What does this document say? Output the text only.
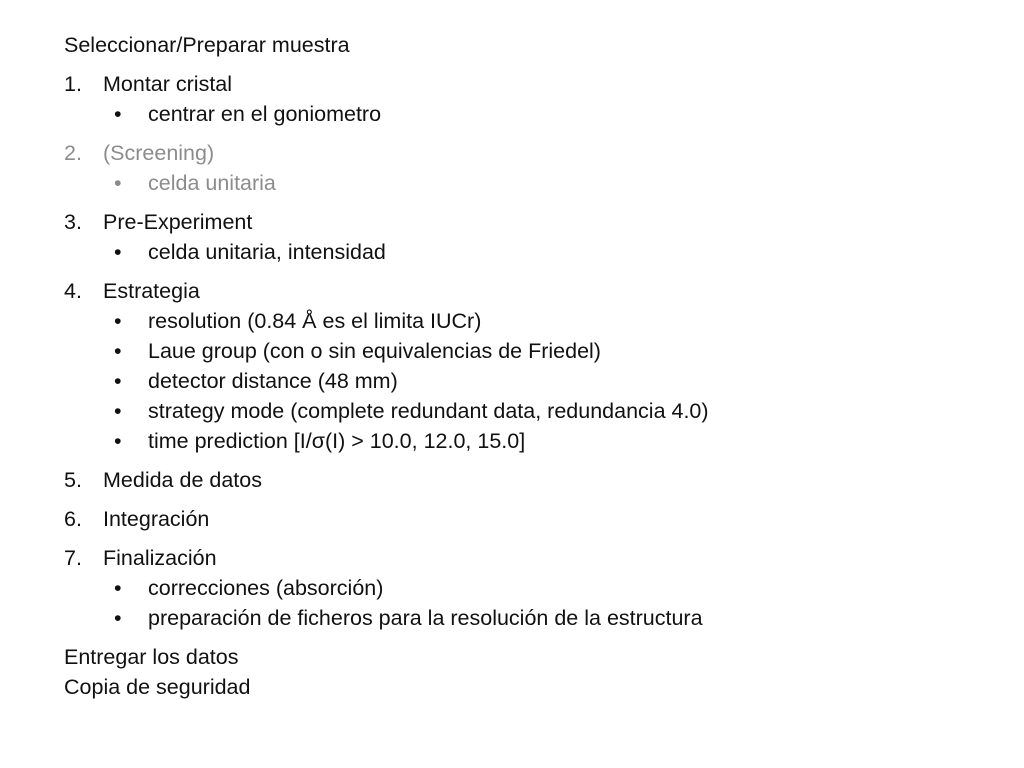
Seleccionar/Preparar muestra
1. Montar cristal
•	centrar en el goniometro
2. (Screening)
•	celda unitaria
3. Pre-Experiment
•	celda unitaria, intensidad
4. Estrategia
•	resolution (0.84 Å es el limita IUCr)
•	Laue group (con o sin equivalencias de Friedel)
•	detector distance (48 mm)
•	strategy mode (complete redundant data, redundancia 4.0)
•	time prediction [I/σ(I) > 10.0, 12.0, 15.0]
5. Medida de datos
6. Integración
7. Finalización
•	correcciones (absorción)
•	preparación de ficheros para la resolución de la estructura
Entregar los datos
Copia de seguridad
